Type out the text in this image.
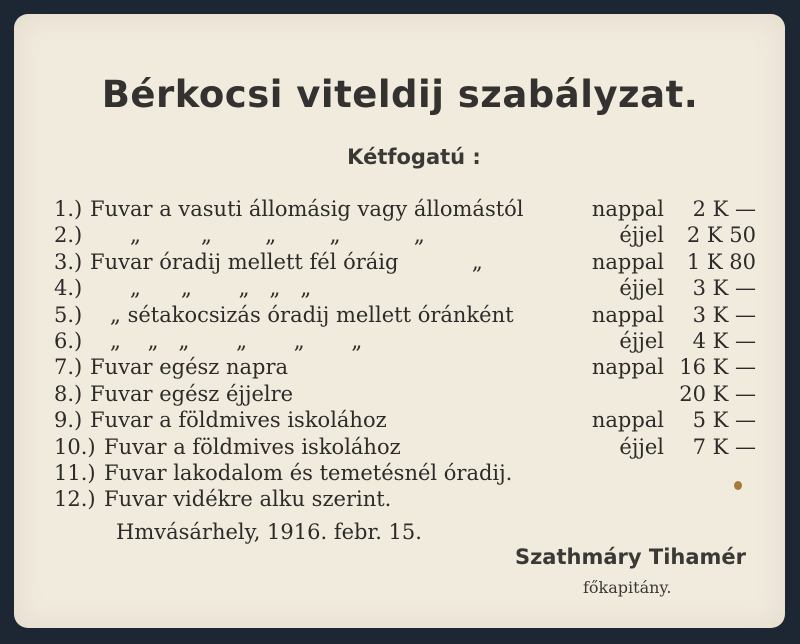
Bérkocsi viteldij szabályzat.
Kétfogatú :
1.) Fuvar a vasuti állomásig vagy állomástól	nappal	2 K —
2.) „         „        „        „           „	éjjel	2 K 50
3.) Fuvar óradij mellett fél óráig           „	nappal	1 K 80
4.) „      „       „   „   „	éjjel	3 K —
5.) „ sétakocsizás óradij mellett óránként	nappal	3 K —
6.) „    „   „       „       „       „	éjjel	4 K —
7.) Fuvar egész napra	nappal 16 K —
8.) Fuvar egész éjjelre	20 K —
9.) Fuvar a földmives iskolához	nappal	5 K —
10.) Fuvar a földmives iskolához	éjjel	7 K —
11.) Fuvar lakodalom és temetésnél óradij.
12.) Fuvar vidékre alku szerint.
Hmvásárhely, 1916. febr. 15.
Szathmáry Tihamér
főkapitány.
